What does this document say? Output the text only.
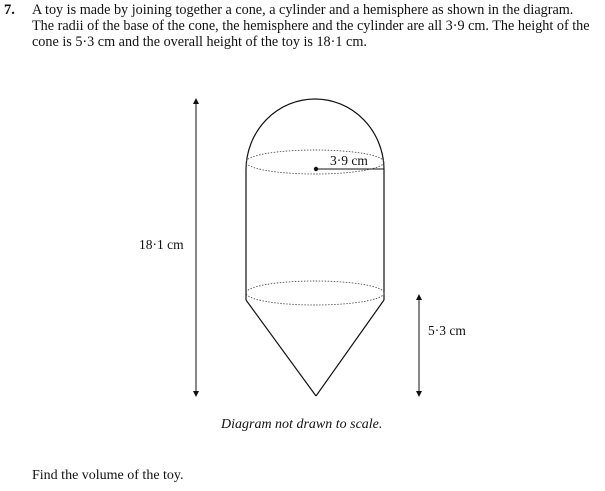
7. A toy is made by joining together a cone, a cylinder and a hemisphere as shown in the diagram.
The radii of the base of the cone, the hemisphere and the cylinder are all 3·9 cm. The height of the
cone is 5·3 cm and the overall height of the toy is 18·1 cm.
18·1 cm
3·9 cm
5·3 cm
Diagram not drawn to scale.
Find the volume of the toy.
